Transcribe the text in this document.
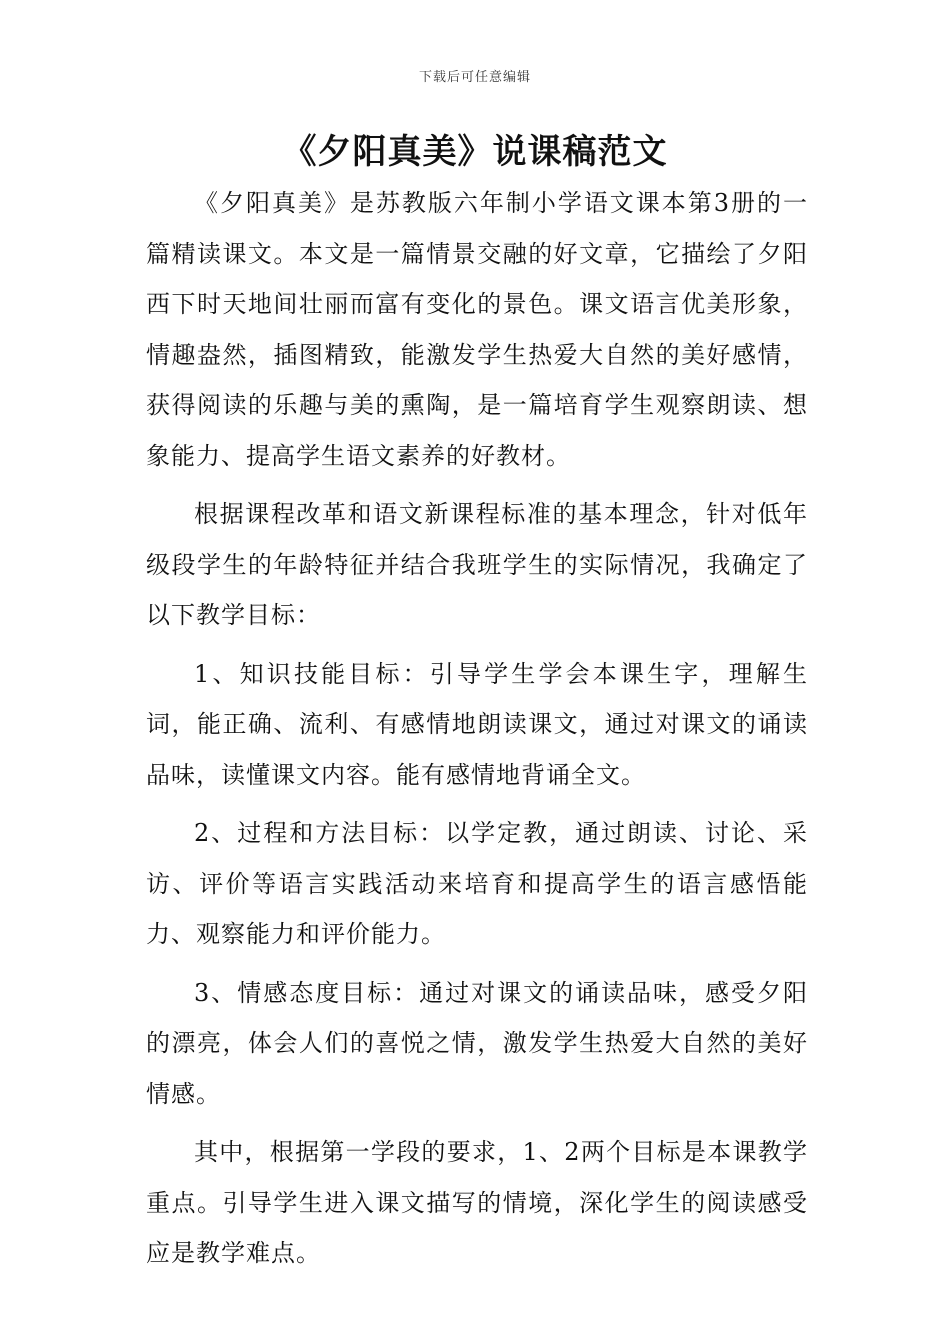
下载后可任意编辑
《夕阳真美》说课稿范文

《夕阳真美》是苏教版六年制小学语文课本第3册的一篇精读课文。本文是一篇情景交融的好文章，它描绘了夕阳西下时天地间壮丽而富有变化的景色。课文语言优美形象，情趣盎然，插图精致，能激发学生热爱大自然的美好感情，获得阅读的乐趣与美的熏陶，是一篇培育学生观察朗读、想象能力、提高学生语文素养的好教材。

根据课程改革和语文新课程标准的基本理念，针对低年级段学生的年龄特征并结合我班学生的实际情况，我确定了以下教学目标：

1、知识技能目标：引导学生学会本课生字，理解生词，能正确、流利、有感情地朗读课文，通过对课文的诵读品味，读懂课文内容。能有感情地背诵全文。

2、过程和方法目标：以学定教，通过朗读、讨论、采访、评价等语言实践活动来培育和提高学生的语言感悟能力、观察能力和评价能力。

3、情感态度目标：通过对课文的诵读品味，感受夕阳的漂亮，体会人们的喜悦之情，激发学生热爱大自然的美好情感。

其中，根据第一学段的要求，1、2两个目标是本课教学重点。引导学生进入课文描写的情境，深化学生的阅读感受应是教学难点。
